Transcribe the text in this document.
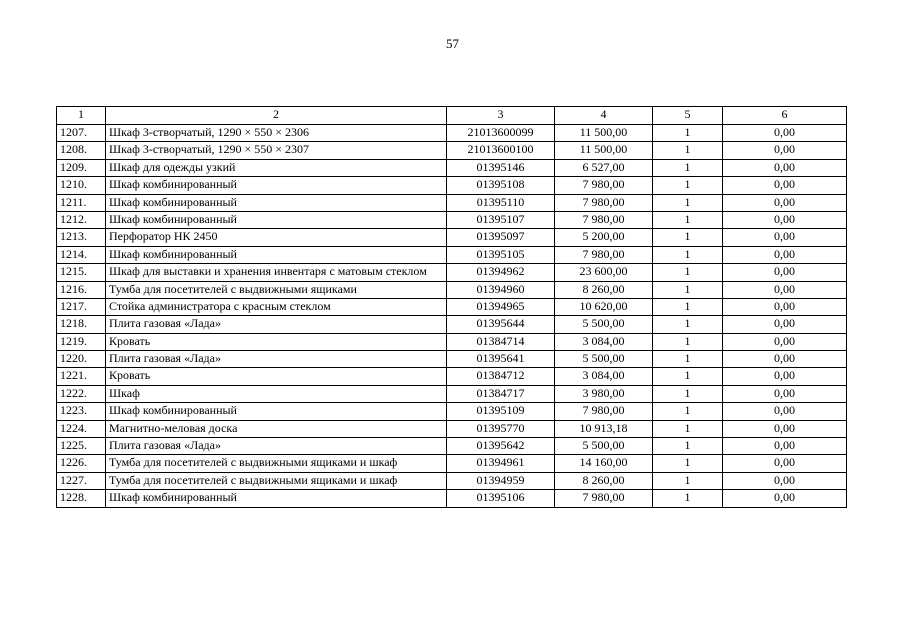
57
1	2	3	4	5	6
1207.	Шкаф 3-створчатый, 1290 × 550 × 2306	21013600099	11 500,00	1	0,00
1208.	Шкаф 3-створчатый, 1290 × 550 × 2307	21013600100	11 500,00	1	0,00
1209.	Шкаф для одежды узкий	01395146	6 527,00	1	0,00
1210.	Шкаф комбинированный	01395108	7 980,00	1	0,00
1211.	Шкаф комбинированный	01395110	7 980,00	1	0,00
1212.	Шкаф комбинированный	01395107	7 980,00	1	0,00
1213.	Перфоратор НК 2450	01395097	5 200,00	1	0,00
1214.	Шкаф комбинированный	01395105	7 980,00	1	0,00
1215.	Шкаф для выставки и хранения инвентаря с матовым стеклом	01394962	23 600,00	1	0,00
1216.	Тумба для посетителей с выдвижными ящиками	01394960	8 260,00	1	0,00
1217.	Стойка администратора с красным стеклом	01394965	10 620,00	1	0,00
1218.	Плита газовая «Лада»	01395644	5 500,00	1	0,00
1219.	Кровать	01384714	3 084,00	1	0,00
1220.	Плита газовая «Лада»	01395641	5 500,00	1	0,00
1221.	Кровать	01384712	3 084,00	1	0,00
1222.	Шкаф	01384717	3 980,00	1	0,00
1223.	Шкаф комбинированный	01395109	7 980,00	1	0,00
1224.	Магнитно-меловая доска	01395770	10 913,18	1	0,00
1225.	Плита газовая «Лада»	01395642	5 500,00	1	0,00
1226.	Тумба для посетителей с выдвижными ящиками и шкаф	01394961	14 160,00	1	0,00
1227.	Тумба для посетителей с выдвижными ящиками и шкаф	01394959	8 260,00	1	0,00
1228.	Шкаф комбинированный	01395106	7 980,00	1	0,00
